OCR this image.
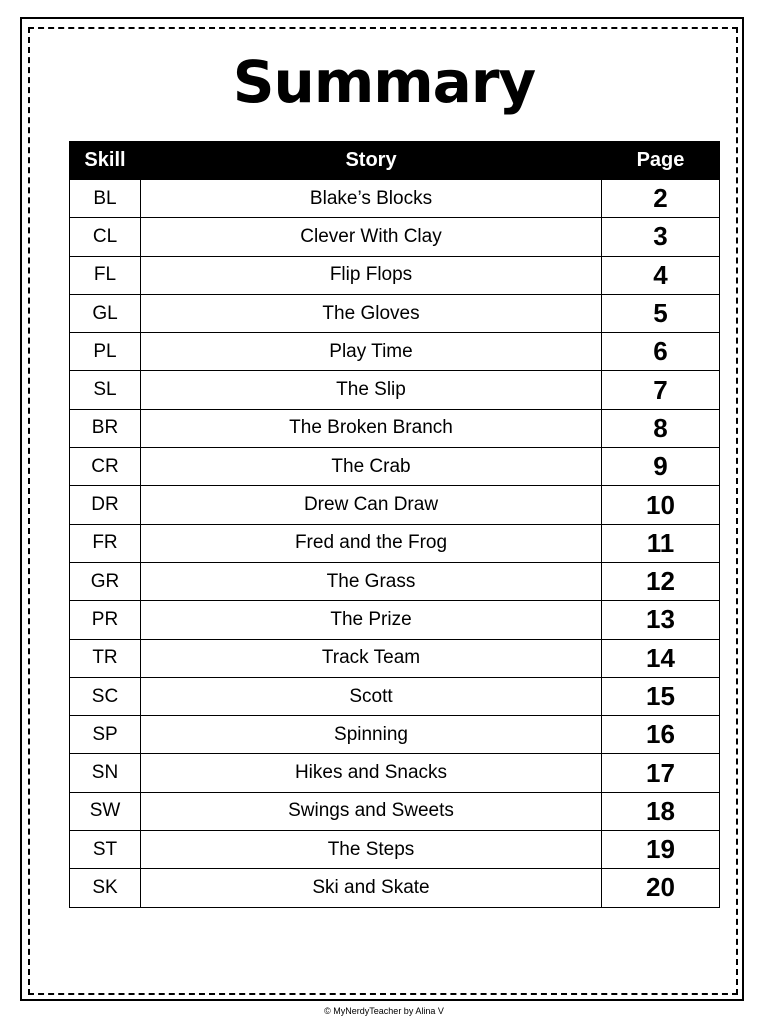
Summary
Skill	Story	Page
BL	Blake’s Blocks	2
CL	Clever With Clay	3
FL	Flip Flops	4
GL	The Gloves	5
PL	Play Time	6
SL	The Slip	7
BR	The Broken Branch	8
CR	The Crab	9
DR	Drew Can Draw	10
FR	Fred and the Frog	11
GR	The Grass	12
PR	The Prize	13
TR	Track Team	14
SC	Scott	15
SP	Spinning	16
SN	Hikes and Snacks	17
SW	Swings and Sweets	18
ST	The Steps	19
SK	Ski and Skate	20
© MyNerdyTeacher by Alina V
